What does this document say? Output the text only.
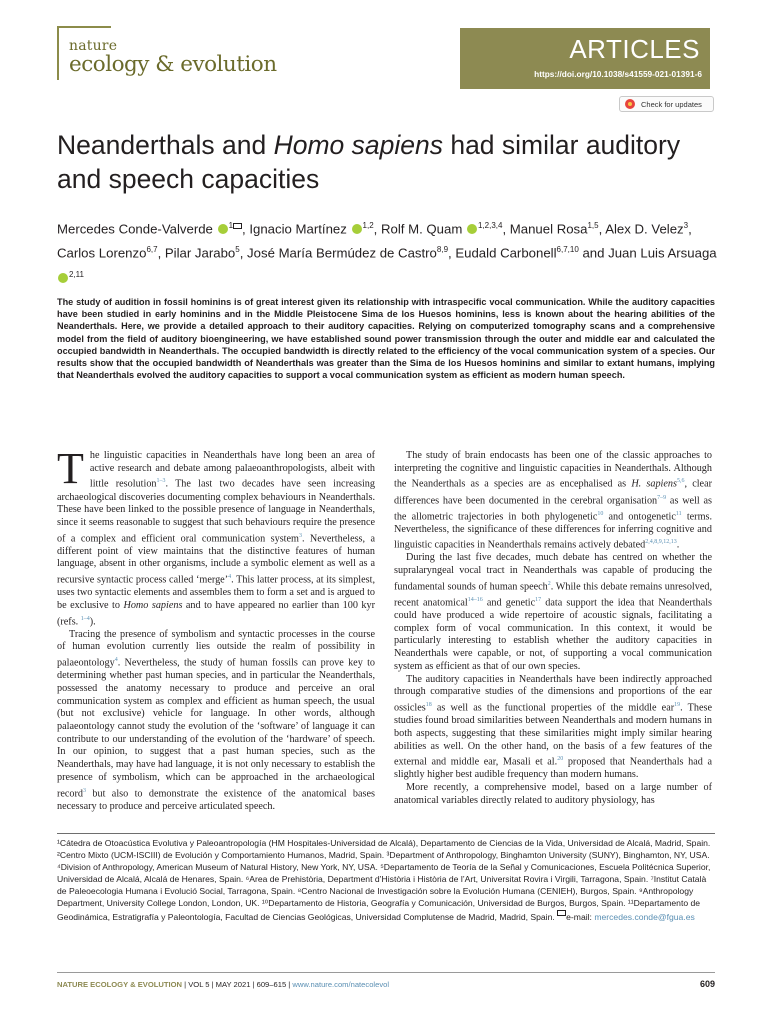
nature
ecology & evolution
ARTICLES
https://doi.org/10.1038/s41559-021-01391-6
Check for updates
Neanderthals and Homo sapiens had similar auditory and speech capacities
Mercedes Conde-Valverde $^1$ , Ignacio Martínez $^{1,2}$, Rolf M. Quam $^{1,2,3,4}$, Manuel Rosa$^{1,5}$, Alex D. Velez$^3$, Carlos Lorenzo$^{6,7}$, Pilar Jarabo$^5$, José María Bermúdez de Castro$^{8,9}$, Eudald Carbonell$^{6,7,10}$ and Juan Luis Arsuaga $^{2,11}$

The study of audition in fossil hominins is of great interest given its relationship with intraspecific vocal communication. While the auditory capacities have been studied in early hominins and in the Middle Pleistocene Sima de los Huesos hominins, less is known about the hearing abilities of the Neanderthals. Here, we provide a detailed approach to their auditory capacities. Relying on computerized tomography scans and a comprehensive model from the field of auditory bioengineering, we have established sound power transmission through the outer and middle ear and calculated the occupied bandwidth in Neanderthals. The occupied bandwidth is directly related to the efficiency of the vocal communication system of a species. Our results show that the occupied bandwidth of Neanderthals was greater than the Sima de los Huesos hominins and similar to extant humans, implying that Neanderthals evolved the auditory capacities to support a vocal communication system as efficient as modern human speech.

The linguistic capacities in Neanderthals have long been an area of active research and debate among palaeoanthropologists, albeit with little resolution$^{1-3}$. The last two decades have seen increasing archaeological discoveries documenting complex behaviours in Neanderthals. These have been linked to the possible presence of language in Neanderthals, since it seems reasonable to suggest that such behaviours require the presence of a complex and efficient oral communication system$^3$. Nevertheless, a different point of view maintains that the distinctive features of human language, absent in other organisms, include a symbolic element as well as a recursive syntactic process called ‘merge’$^4$. This latter process, at its simplest, uses two syntactic elements and assembles them to form a set and is argued to be exclusive to Homo sapiens and to have appeared no earlier than 100 kyr (refs. $^{1-4}$).

Tracing the presence of symbolism and syntactic processes in the course of human evolution currently lies outside the realm of possibility in palaeontology$^4$. Nevertheless, the study of human fossils can prove key to determining whether past human species, and in particular the Neanderthals, possessed the anatomy necessary to produce and perceive an oral communication system as complex and efficient as human speech, the usual (but not exclusive) vehicle for language. In other words, although palaeontology cannot study the evolution of the ‘software’ of language it can contribute to our understanding of the evolution of the ‘hardware’ of speech. In our opinion, to suggest that a past human species, such as the Neanderthals, may have had language, it is not only necessary to establish the presence of symbolism, which can be approached in the archaeological record$^3$ but also to demonstrate the existence of the anatomical bases necessary to produce and perceive articulated speech.

The study of brain endocasts has been one of the classic approaches to interpreting the cognitive and linguistic capacities in Neanderthals. Although the Neanderthals as a species are as encephalised as H. sapiens$^{5,6}$, clear differences have been documented in the cerebral organisation$^{7-9}$ as well as the allometric trajectories in both phylogenetic$^{10}$ and ontogenetic$^{11}$ terms. Nevertheless, the significance of these differences for inferring cognitive and linguistic capacities in Neanderthals remains actively debated$^{2,4,8,9,12,13}$.

During the last five decades, much debate has centred on whether the supralaryngeal vocal tract in Neanderthals was capable of producing the fundamental sounds of human speech$^2$. While this debate remains unresolved, recent anatomical$^{14-16}$ and genetic$^{17}$ data support the idea that Neanderthals could have produced a wide repertoire of acoustic signals, facilitating a complex form of vocal communication. In this context, it would be particularly interesting to establish whether the auditory capacities in Neanderthals were capable, or not, of supporting a vocal communication system as efficient as that of our own species.

The auditory capacities in Neanderthals have been indirectly approached through comparative studies of the dimensions and proportions of the ear ossicles$^{18}$ as well as the functional properties of the middle ear$^{19}$. These studies found broad similarities between Neanderthals and modern humans in both aspects, suggesting that these similarities might imply similar hearing abilities as well. On the other hand, on the basis of a few features of the external and middle ear, Masali et al.$^{20}$ proposed that Neanderthals had a slightly higher best audible frequency than modern humans.

More recently, a comprehensive model, based on a large number of anatomical variables directly related to auditory physiology, has

¹Cátedra de Otoacústica Evolutiva y Paleoantropología (HM Hospitales-Universidad de Alcalá), Departamento de Ciencias de la Vida, Universidad de Alcalá, Madrid, Spain. ²Centro Mixto (UCM-ISCIII) de Evolución y Comportamiento Humanos, Madrid, Spain. ³Department of Anthropology, Binghamton University (SUNY), Binghamton, NY, USA. ⁴Division of Anthropology, American Museum of Natural History, New York, NY, USA. ⁵Departamento de Teoría de la Señal y Comunicaciones, Escuela Politécnica Superior, Universidad de Alcalá, Alcalá de Henares, Spain. ⁶Area de Prehistòria, Department d’Història i Història de l’Art, Universitat Rovira i Virgili, Tarragona, Spain. ⁷Institut Català de Paleoecologia Humana i Evolució Social, Tarragona, Spain. ⁸Centro Nacional de Investigación sobre la Evolución Humana (CENIEH), Burgos, Spain. ⁹Anthropology Department, University College London, London, UK. ¹⁰Departamento de Historia, Geografía y Comunicación, Universidad de Burgos, Burgos, Spain. ¹¹Departamento de Geodinámica, Estratigrafía y Paleontología, Facultad de Ciencias Geológicas, Universidad Complutense de Madrid, Madrid, Spain. e-mail: mercedes.conde@fgua.es
NATURE ECOLOGY & EVOLUTION | VOL 5 | MAY 2021 | 609–615 | www.nature.com/natecolevol	609
